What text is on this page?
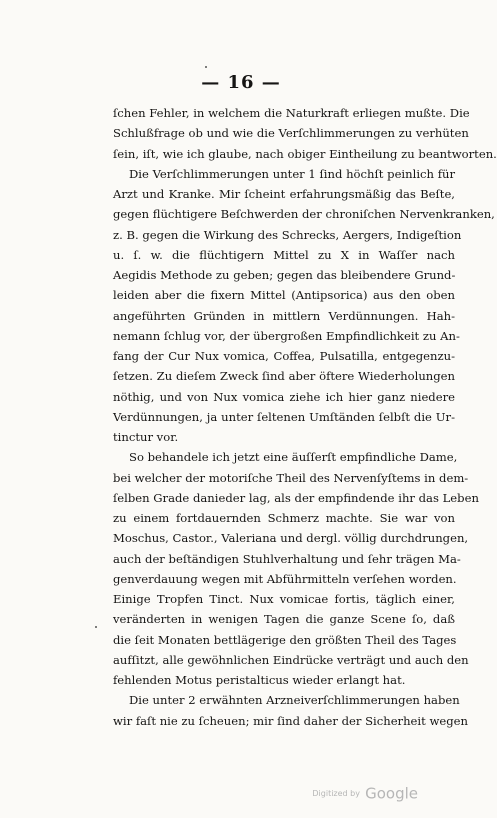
— 16 —
ſchen Fehler, in welchem die Naturkraft erliegen mußte. Die
Schlußfrage ob und wie die Verſchlimmerungen zu verhüten
ſein, iſt, wie ich glaube, nach obiger Eintheilung zu beantworten.
Die Verſchlimmerungen unter 1 ſind höchſt peinlich für
Arzt und Kranke. Mir ſcheint erfahrungsmäßig das Beſte,
gegen flüchtigere Beſchwerden der chroniſchen Nervenkranken,
z. B. gegen die Wirkung des Schrecks, Aergers, Indigeſtion
u. ſ. w. die flüchtigern Mittel zu X in Waſſer nach
Aegidis Methode zu geben; gegen das bleibendere Grund-
leiden aber die fixern Mittel (Antipsorica) aus den oben
angeführten Gründen in mittlern Verdünnungen. Hah-
nemann ſchlug vor, der übergroßen Empfindlichkeit zu An-
fang der Cur Nux vomica, Coffea, Pulsatilla, entgegenzu-
ſetzen. Zu dieſem Zweck ſind aber öftere Wiederholungen
nöthig, und von Nux vomica ziehe ich hier ganz niedere
Verdünnungen, ja unter ſeltenen Umſtänden ſelbſt die Ur-
tinctur vor.
So behandele ich jetzt eine äuſſerſt empfindliche Dame,
bei welcher der motoriſche Theil des Nervenſyſtems in dem-
ſelben Grade danieder lag, als der empfindende ihr das Leben
zu einem fortdauernden Schmerz machte. Sie war von
Moschus, Castor., Valeriana und dergl. völlig durchdrungen,
auch der beſtändigen Stuhlverhaltung und ſehr trägen Ma-
genverdauung wegen mit Abführmitteln verſehen worden.
Einige Tropfen Tinct. Nux vomicae fortis, täglich einer,
veränderten in wenigen Tagen die ganze Scene ſo, daß
die ſeit Monaten bettlägerige den größten Theil des Tages
aufſitzt, alle gewöhnlichen Eindrücke verträgt und auch den
fehlenden Motus peristalticus wieder erlangt hat.
Die unter 2 erwähnten Arzneiverſchlimmerungen haben
wir faſt nie zu ſcheuen; mir ſind daher der Sicherheit wegen
Digitized by Google
